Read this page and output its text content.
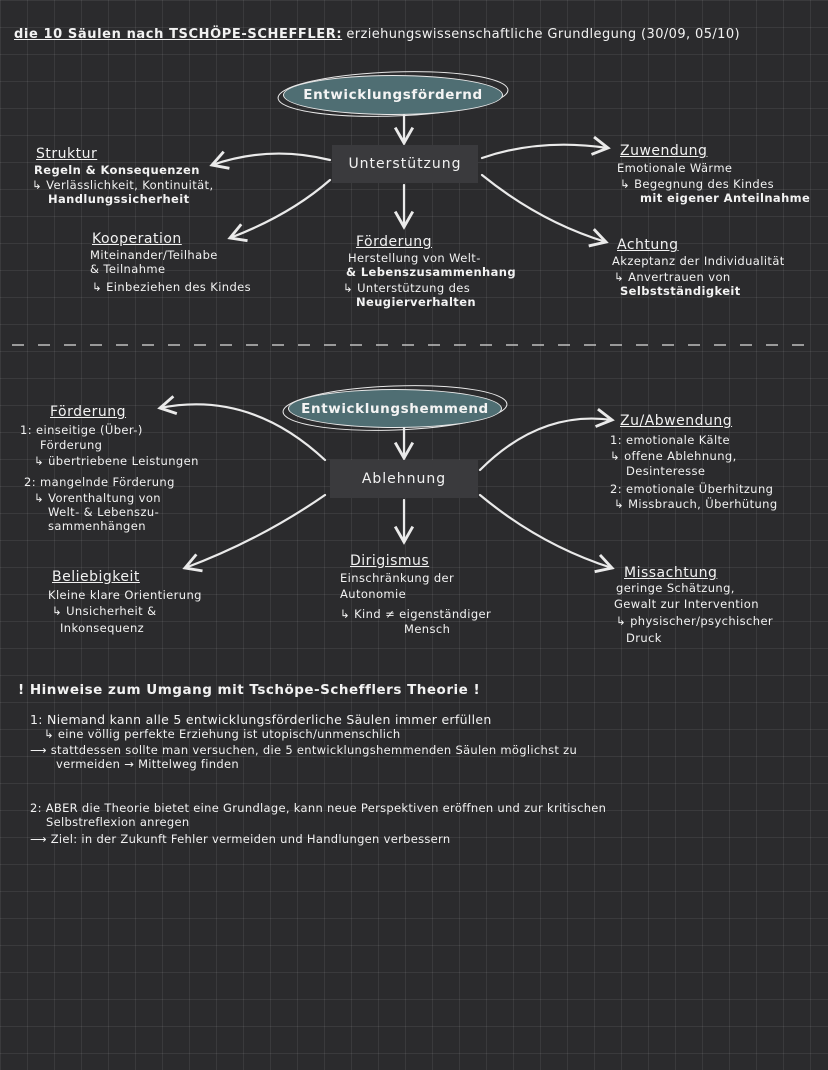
die 10 Säulen nach TSCHÖPE-SCHEFFLER: erziehungswissenschaftliche Grundlegung (30/09, 05/10)
Entwicklungsfördernd
Unterstützung
Struktur
Regeln & Konsequenzen
↳ Verlässlichkeit, Kontinuität,
Handlungssicherheit
Kooperation
Miteinander/Teilhabe
& Teilnahme
↳ Einbeziehen des Kindes
Förderung
Herstellung von Welt-
& Lebenszusammenhang
↳ Unterstützung des
Neugierverhalten
Zuwendung
Emotionale Wärme
↳ Begegnung des Kindes
mit eigener Anteilnahme
Achtung
Akzeptanz der Individualität
↳ Anvertrauen von
Selbstständigkeit
Entwicklungshemmend
Ablehnung
Förderung
1: einseitige (Über-)
Förderung
↳ übertriebene Leistungen
2: mangelnde Förderung
↳ Vorenthaltung von
Welt- & Lebenszu-
sammenhängen
Beliebigkeit
Kleine klare Orientierung
↳ Unsicherheit &
Inkonsequenz
Dirigismus
Einschränkung der
Autonomie
↳ Kind ≠ eigenständiger
Mensch
Zu/Abwendung
1: emotionale Kälte
↳ offene Ablehnung,
Desinteresse
2: emotionale Überhitzung
↳ Missbrauch, Überhütung
Missachtung
geringe Schätzung,
Gewalt zur Intervention
↳ physischer/psychischer
Druck
! Hinweise zum Umgang mit Tschöpe-Schefflers Theorie !
1: Niemand kann alle 5 entwicklungsförderliche Säulen immer erfüllen
↳ eine völlig perfekte Erziehung ist utopisch/unmenschlich
⟶ stattdessen sollte man versuchen, die 5 entwicklungshemmenden Säulen möglichst zu
vermeiden → Mittelweg finden
2: ABER die Theorie bietet eine Grundlage, kann neue Perspektiven eröffnen und zur kritischen
Selbstreflexion anregen
⟶ Ziel: in der Zukunft Fehler vermeiden und Handlungen verbessern
